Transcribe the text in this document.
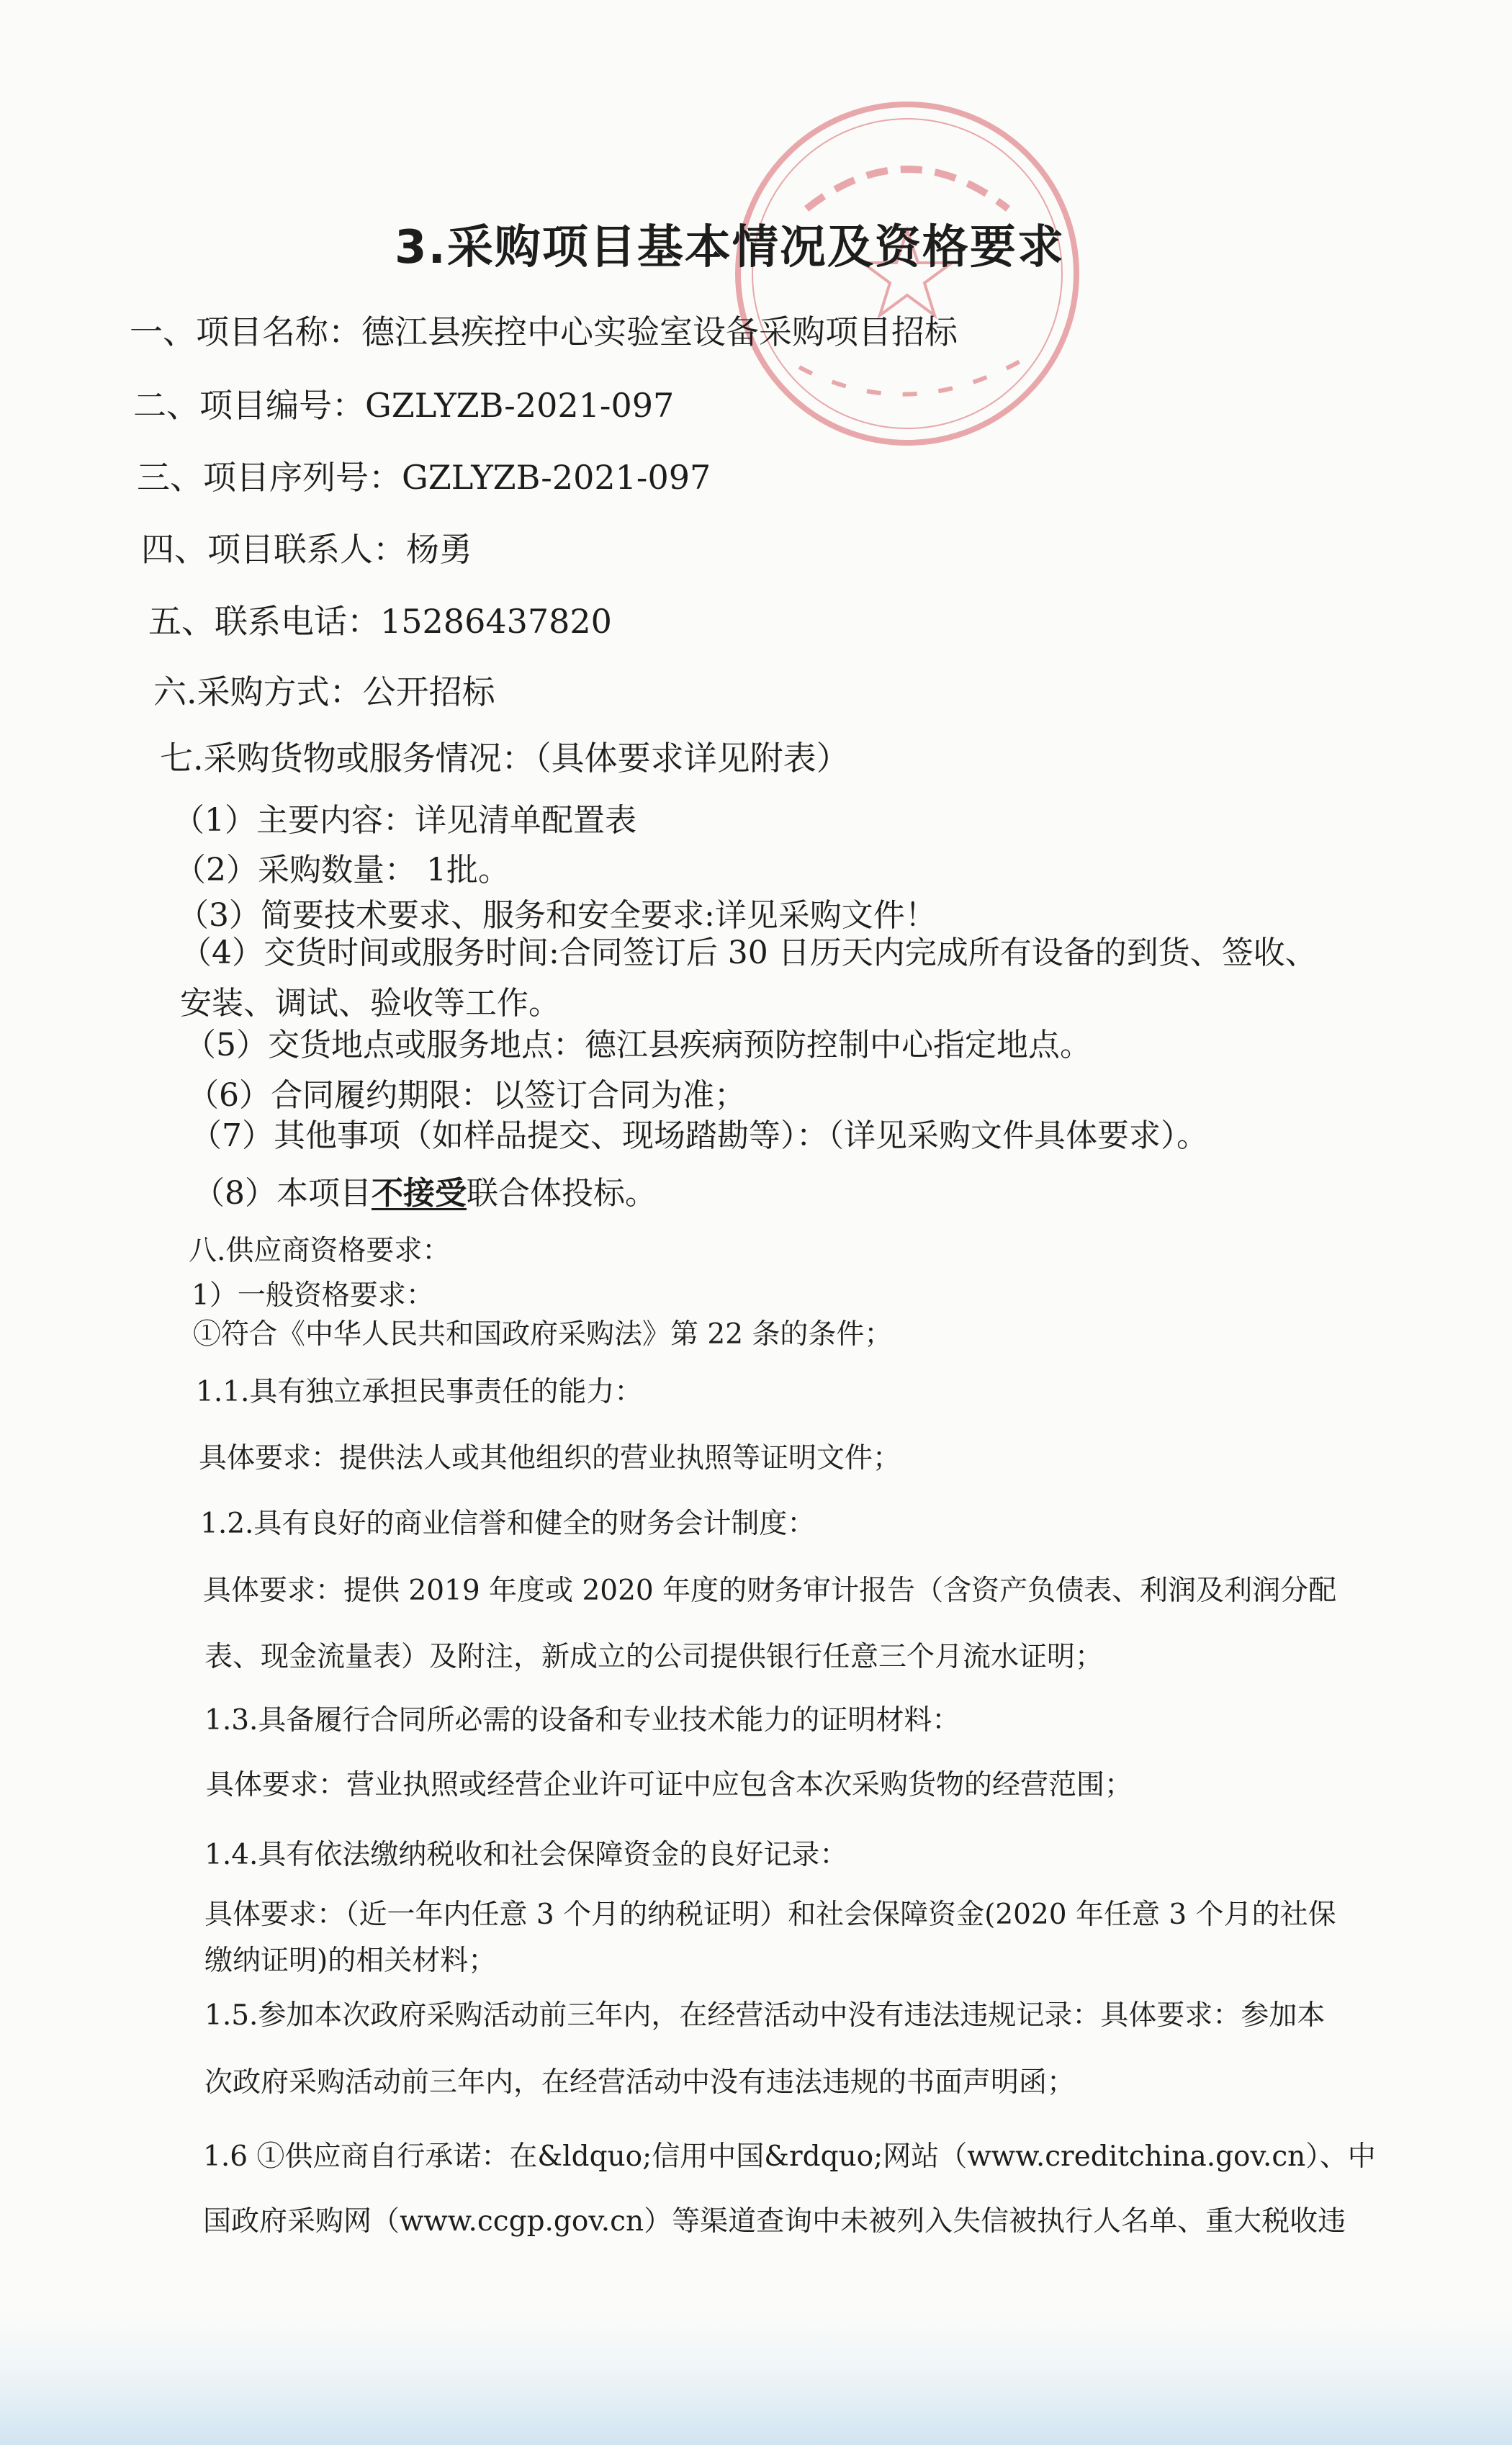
3.采购项目基本情况及资格要求
一、项目名称：德江县疾控中心实验室设备采购项目招标
二、项目编号：GZLYZB-2021-097
三、项目序列号：GZLYZB-2021-097
四、项目联系人：杨勇
五、联系电话：15286437820
六.采购方式：公开招标
七.采购货物或服务情况：（具体要求详见附表）
（1）主要内容：详见清单配置表
（2）采购数量： 1批。
（3）简要技术要求、服务和安全要求:详见采购文件！
（4）交货时间或服务时间:合同签订后 30 日历天内完成所有设备的到货、签收、
安装、调试、验收等工作。
（5）交货地点或服务地点：德江县疾病预防控制中心指定地点。
（6）合同履约期限：以签订合同为准；
（7）其他事项（如样品提交、现场踏勘等）：（详见采购文件具体要求）。
（8）本项目不接受联合体投标。
八.供应商资格要求：
1）一般资格要求：
①符合《中华人民共和国政府采购法》第 22 条的条件；
1.1.具有独立承担民事责任的能力：
具体要求：提供法人或其他组织的营业执照等证明文件；
1.2.具有良好的商业信誉和健全的财务会计制度：
具体要求：提供 2019 年度或 2020 年度的财务审计报告（含资产负债表、利润及利润分配
表、现金流量表）及附注，新成立的公司提供银行任意三个月流水证明；
1.3.具备履行合同所必需的设备和专业技术能力的证明材料：
具体要求：营业执照或经营企业许可证中应包含本次采购货物的经营范围；
1.4.具有依法缴纳税收和社会保障资金的良好记录：
具体要求：（近一年内任意 3 个月的纳税证明）和社会保障资金(2020 年任意 3 个月的社保
缴纳证明)的相关材料；
1.5.参加本次政府采购活动前三年内，在经营活动中没有违法违规记录：具体要求：参加本
次政府采购活动前三年内，在经营活动中没有违法违规的书面声明函；
1.6 ①供应商自行承诺：在&ldquo;信用中国&rdquo;网站（www.creditchina.gov.cn）、中
国政府采购网（www.ccgp.gov.cn）等渠道查询中未被列入失信被执行人名单、重大税收违
